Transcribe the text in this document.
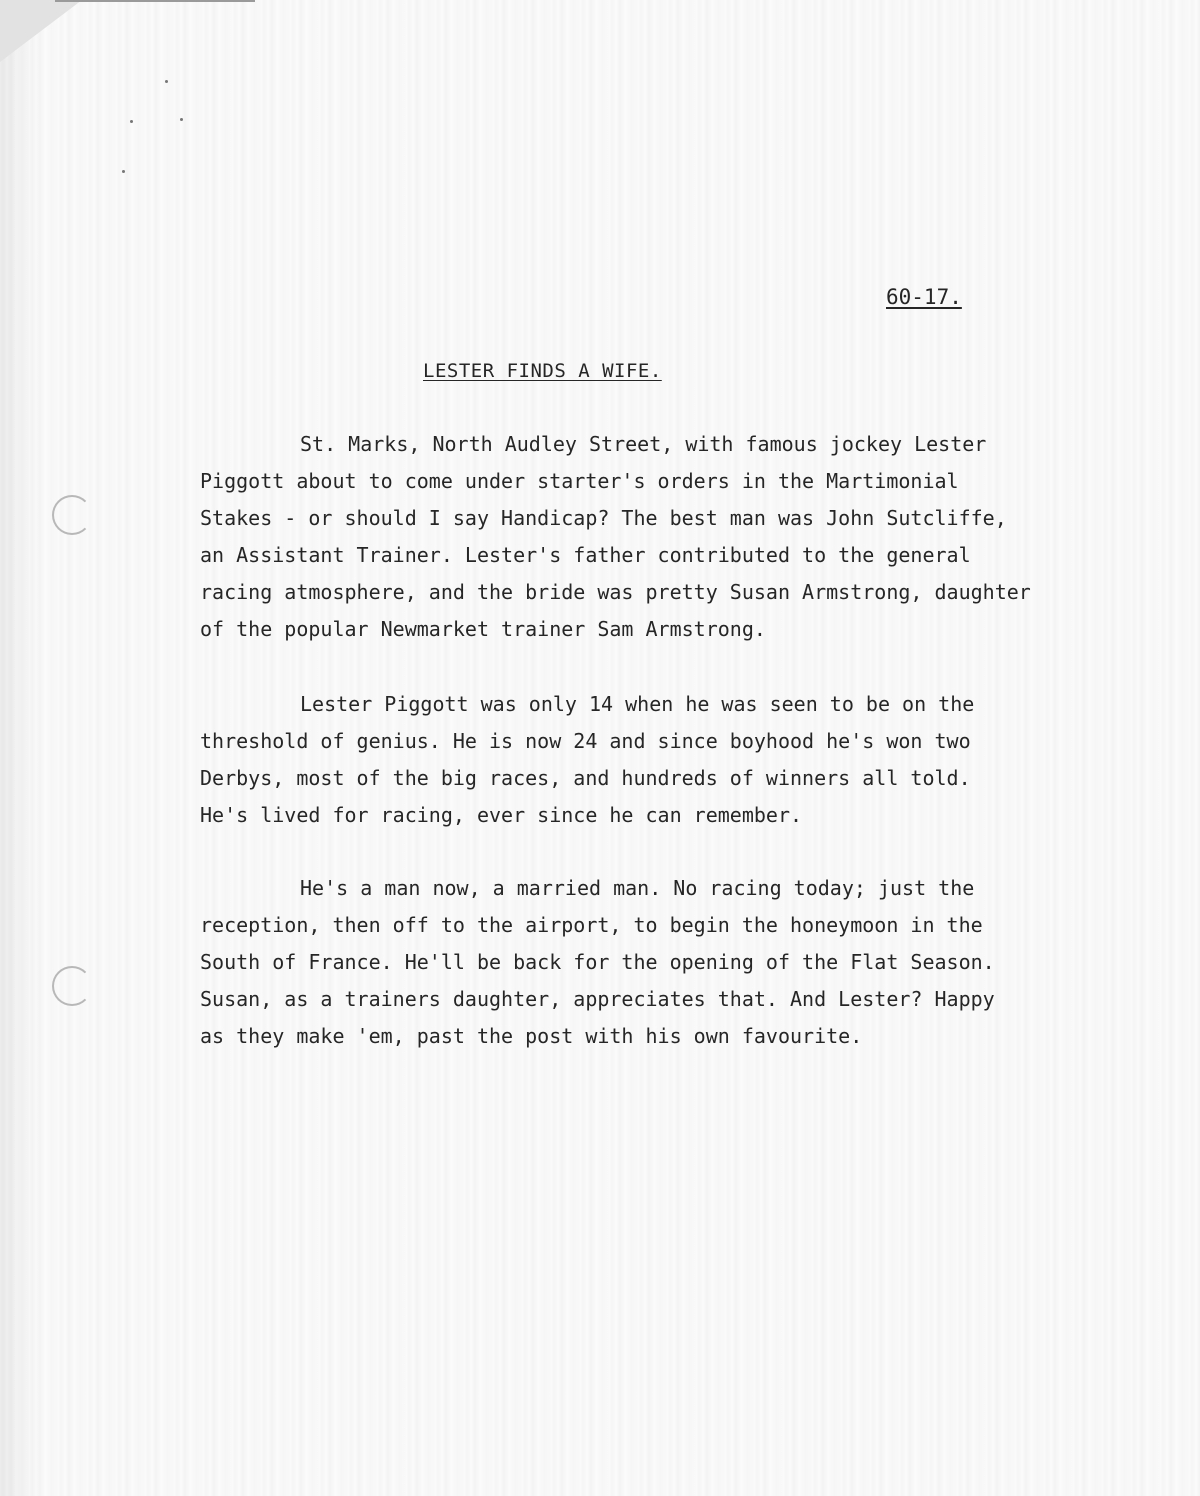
60-17.
LESTER FINDS A WIFE.
St. Marks, North Audley Street, with famous jockey Lester
Piggott about to come under starter's orders in the Martimonial
Stakes - or should I say Handicap? The best man was John Sutcliffe,
an Assistant Trainer. Lester's father contributed to the general
racing atmosphere, and the bride was pretty Susan Armstrong, daughter
of the popular Newmarket trainer Sam Armstrong.
Lester Piggott was only 14 when he was seen to be on the
threshold of genius. He is now 24 and since boyhood he's won two
Derbys, most of the big races, and hundreds of winners all told.
He's lived for racing, ever since he can remember.
He's a man now, a married man. No racing today; just the
reception, then off to the airport, to begin the honeymoon in the
South of France. He'll be back for the opening of the Flat Season.
Susan, as a trainers daughter, appreciates that. And Lester? Happy
as they make 'em, past the post with his own favourite.
